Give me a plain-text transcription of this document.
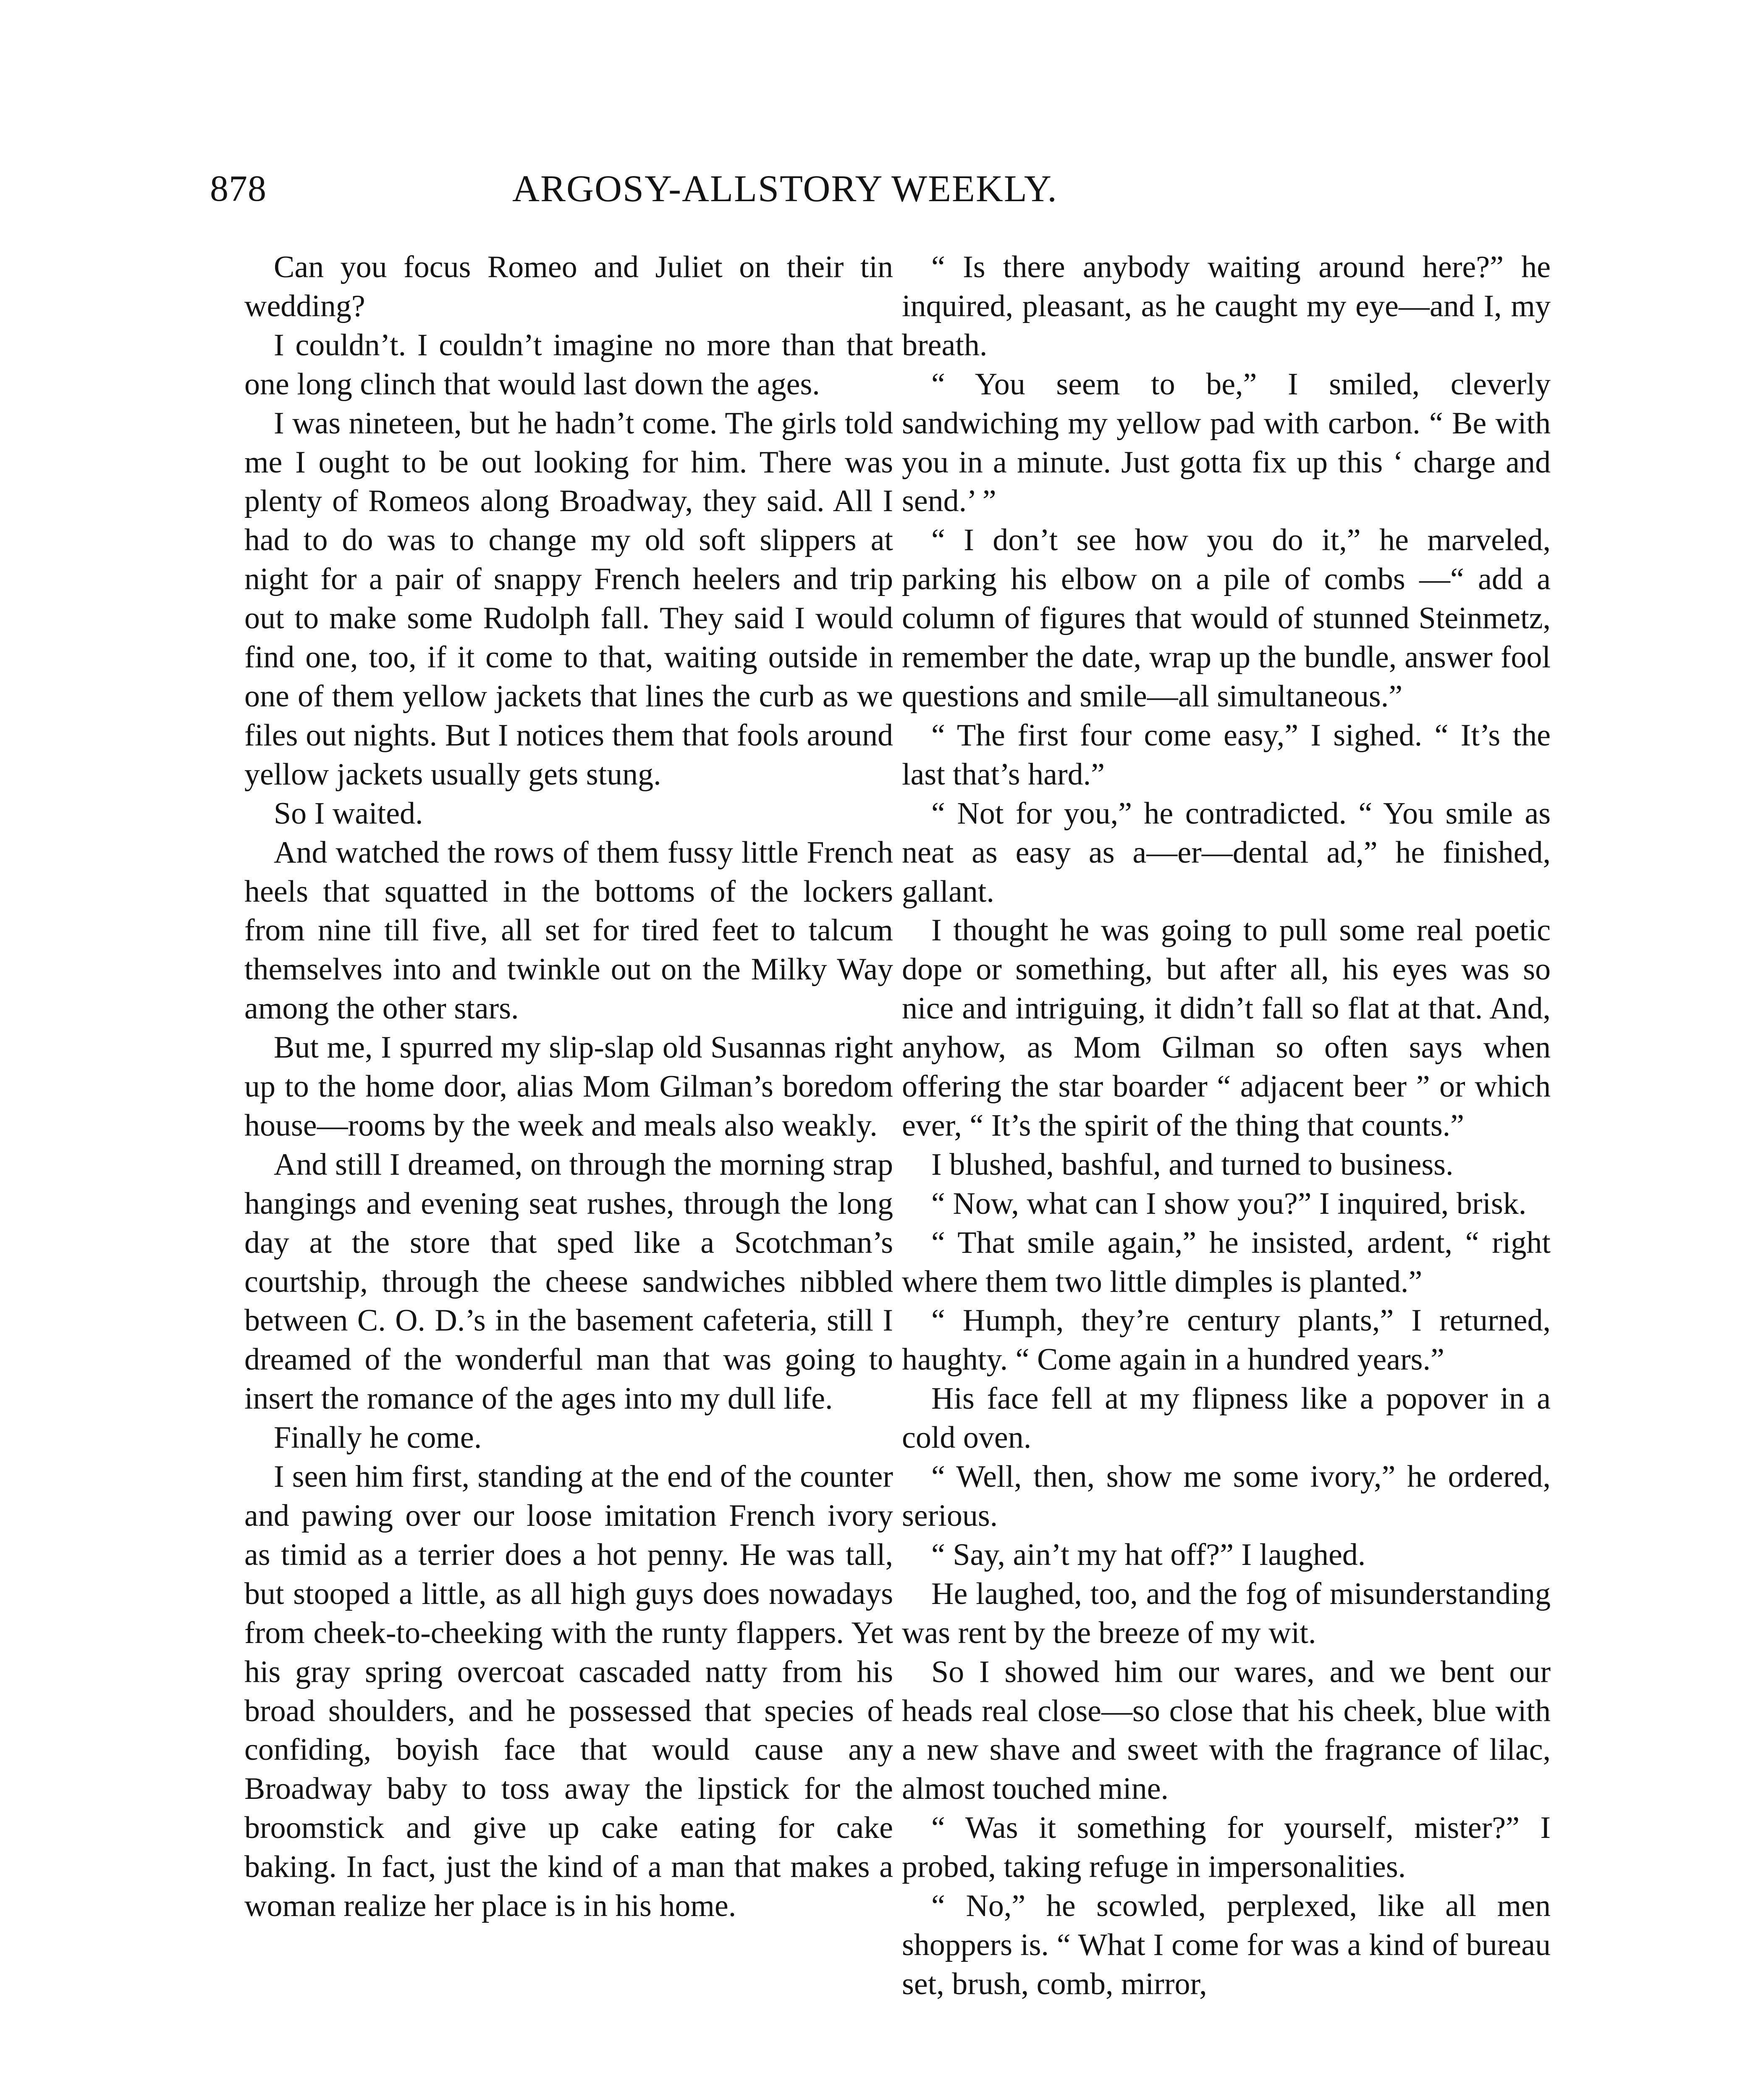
878	ARGOSY-ALLSTORY WEEKLY.

Can you focus Romeo and Juliet on their tin wedding?

I couldn’t. I couldn’t imagine no more than that one long clinch that would last down the ages.

I was nineteen, but he hadn’t come. The girls told me I ought to be out looking for him. There was plenty of Romeos along Broadway, they said. All I had to do was to change my old soft slippers at night for a pair of snappy French heelers and trip out to make some Rudolph fall. They said I would find one, too, if it come to that, waiting outside in one of them yellow jackets that lines the curb as we files out nights. But I notices them that fools around yellow jackets usually gets stung.

So I waited.

And watched the rows of them fussy little French heels that squatted in the bottoms of the lockers from nine till five, all set for tired feet to talcum themselves into and twinkle out on the Milky Way among the other stars.

But me, I spurred my slip-slap old Susannas right up to the home door, alias Mom Gilman’s boredom house—rooms by the week and meals also weakly.

And still I dreamed, on through the morning strap hangings and evening seat rushes, through the long day at the store that sped like a Scotchman’s courtship, through the cheese sandwiches nibbled between C. O. D.’s in the basement cafeteria, still I dreamed of the wonderful man that was going to insert the romance of the ages into my dull life.

Finally he come.

I seen him first, standing at the end of the counter and pawing over our loose imitation French ivory as timid as a terrier does a hot penny. He was tall, but stooped a little, as all high guys does nowadays from cheek-to-cheeking with the runty flappers. Yet his gray spring overcoat cascaded natty from his broad shoulders, and he possessed that species of confiding, boyish face that would cause any Broadway baby to toss away the lipstick for the broomstick and give up cake eating for cake baking. In fact, just the kind of a man that makes a woman realize her place is in his home.

“ Is there anybody waiting around here?” he inquired, pleasant, as he caught my eye—and I, my breath.

“ You seem to be,” I smiled, cleverly sandwiching my yellow pad with carbon. “ Be with you in a minute. Just gotta fix up this ‘ charge and send.’ ”

“ I don’t see how you do it,” he marveled, parking his elbow on a pile of combs —“ add a column of figures that would of stunned Steinmetz, remember the date, wrap up the bundle, answer fool questions and smile—all simultaneous.”

“ The first four come easy,” I sighed. “ It’s the last that’s hard.”

“ Not for you,” he contradicted. “ You smile as neat as easy as a—er—dental ad,” he finished, gallant.

I thought he was going to pull some real poetic dope or something, but after all, his eyes was so nice and intriguing, it didn’t fall so flat at that. And, anyhow, as Mom Gilman so often says when offering the star boarder “ adjacent beer ” or which ever, “ It’s the spirit of the thing that counts.”

I blushed, bashful, and turned to business.

“ Now, what can I show you?” I inquired, brisk.

“ That smile again,” he insisted, ardent, “ right where them two little dimples is planted.”

“ Humph, they’re century plants,” I returned, haughty. “ Come again in a hundred years.”

His face fell at my flipness like a popover in a cold oven.

“ Well, then, show me some ivory,” he ordered, serious.

“ Say, ain’t my hat off?” I laughed.

He laughed, too, and the fog of misunderstanding was rent by the breeze of my wit.

So I showed him our wares, and we bent our heads real close—so close that his cheek, blue with a new shave and sweet with the fragrance of lilac, almost touched mine.

“ Was it something for yourself, mister?” I probed, taking refuge in impersonalities.

“ No,” he scowled, perplexed, like all men shoppers is. “ What I come for was a kind of bureau set, brush, comb, mirror,
